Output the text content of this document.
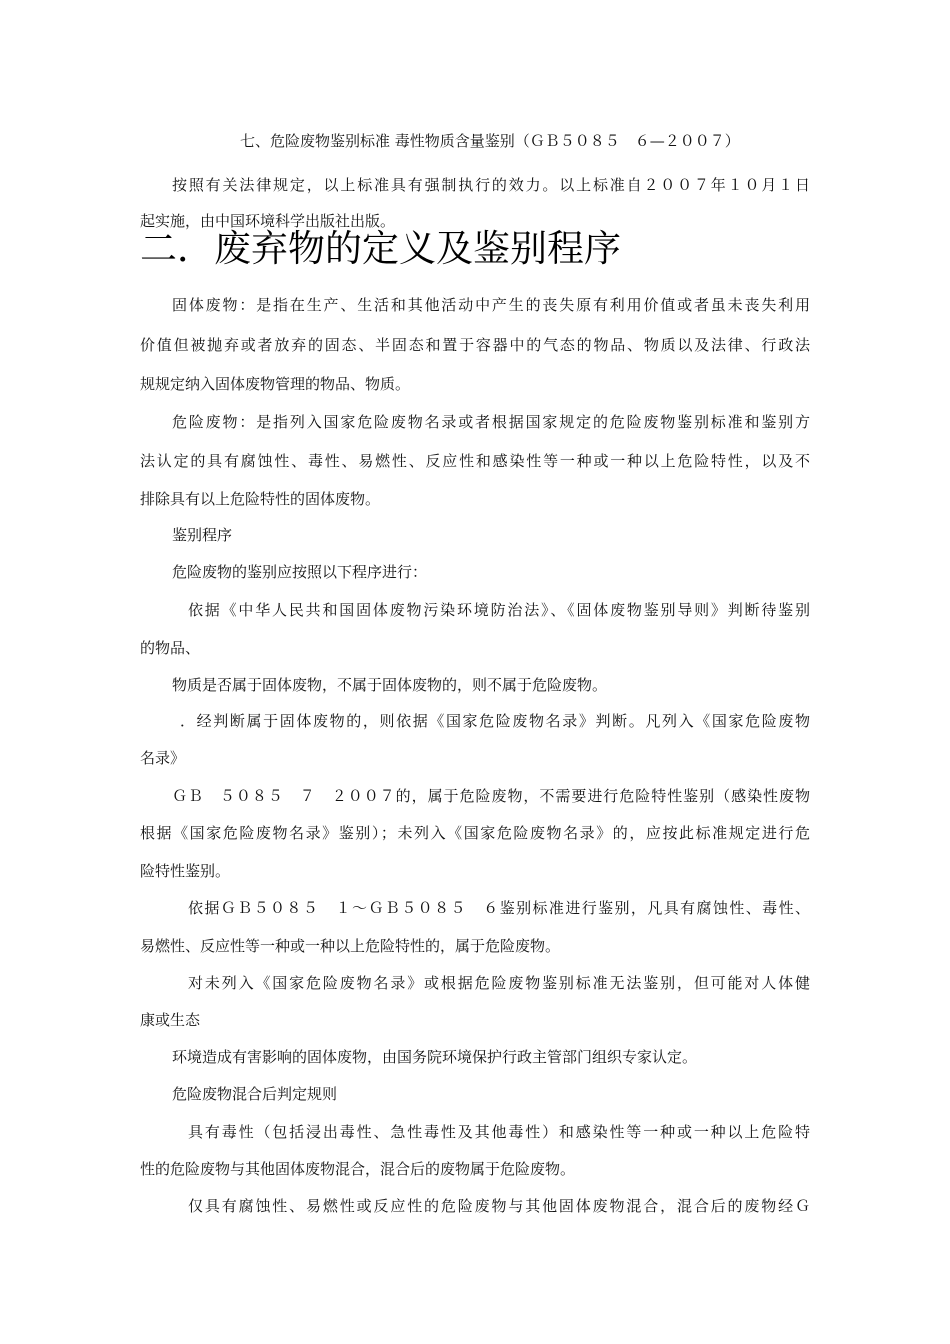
七、危险废物鉴别标准 毒性物质含量鉴别（ＧＢ５０８５　６—２００７）

按照有关法律规定，以上标准具有强制执行的效力。以上标准自２００７年１０月１日

起实施，由中国环境科学出版社出版。

二．废弃物的定义及鉴别程序

固体废物：是指在生产、生活和其他活动中产生的丧失原有利用价值或者虽未丧失利用

价值但被抛弃或者放弃的固态、半固态和置于容器中的气态的物品、物质以及法律、行政法

规规定纳入固体废物管理的物品、物质。

危险废物：是指列入国家危险废物名录或者根据国家规定的危险废物鉴别标准和鉴别方

法认定的具有腐蚀性、毒性、易燃性、反应性和感染性等一种或一种以上危险特性，以及不

排除具有以上危险特性的固体废物。

鉴别程序

危险废物的鉴别应按照以下程序进行：

依据《中华人民共和国固体废物污染环境防治法》、《固体废物鉴别导则》判断待鉴别

的物品、

物质是否属于固体废物，不属于固体废物的，则不属于危险废物。

．经判断属于固体废物的，则依据《国家危险废物名录》判断。凡列入《国家危险废物

名录》

ＧＢ　５０８５　７　２００７的，属于危险废物，不需要进行危险特性鉴别（感染性废物

根据《国家危险废物名录》鉴别）；未列入《国家危险废物名录》的，应按此标准规定进行危

险特性鉴别。

依据ＧＢ５０８５　１～ＧＢ５０８５　６鉴别标准进行鉴别，凡具有腐蚀性、毒性、

易燃性、反应性等一种或一种以上危险特性的，属于危险废物。

对未列入《国家危险废物名录》或根据危险废物鉴别标准无法鉴别，但可能对人体健

康或生态

环境造成有害影响的固体废物，由国务院环境保护行政主管部门组织专家认定。

危险废物混合后判定规则

具有毒性（包括浸出毒性、急性毒性及其他毒性）和感染性等一种或一种以上危险特

性的危险废物与其他固体废物混合，混合后的废物属于危险废物。

仅具有腐蚀性、易燃性或反应性的危险废物与其他固体废物混合，混合后的废物经Ｇ
